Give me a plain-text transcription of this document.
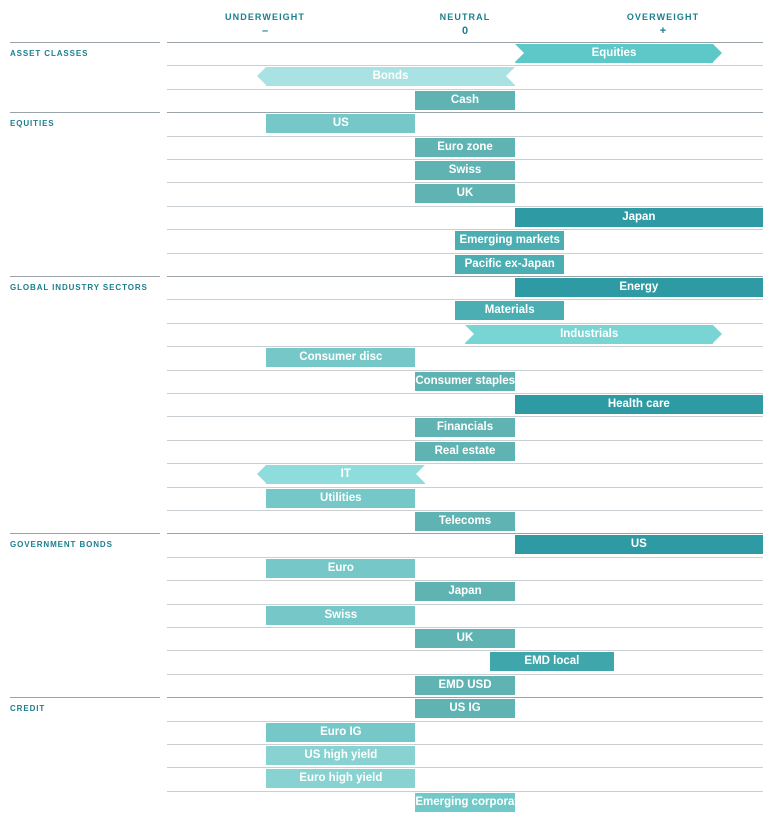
UNDERWEIGHT
–
NEUTRAL
0
OVERWEIGHT
+
Equities
Bonds
Cash
US
Euro zone
Swiss
UK
Japan
Emerging markets
Pacific ex-Japan
Energy
Materials
Industrials
Consumer disc
Consumer staples
Health care
Financials
Real estate
IT
Utilities
Telecoms
US
Euro
Japan
Swiss
UK
EMD local
EMD USD
US IG
Euro IG
US high yield
Euro high yield
Emerging corporate
ASSET CLASSES
EQUITIES
GLOBAL INDUSTRY SECTORS
GOVERNMENT BONDS
CREDIT
